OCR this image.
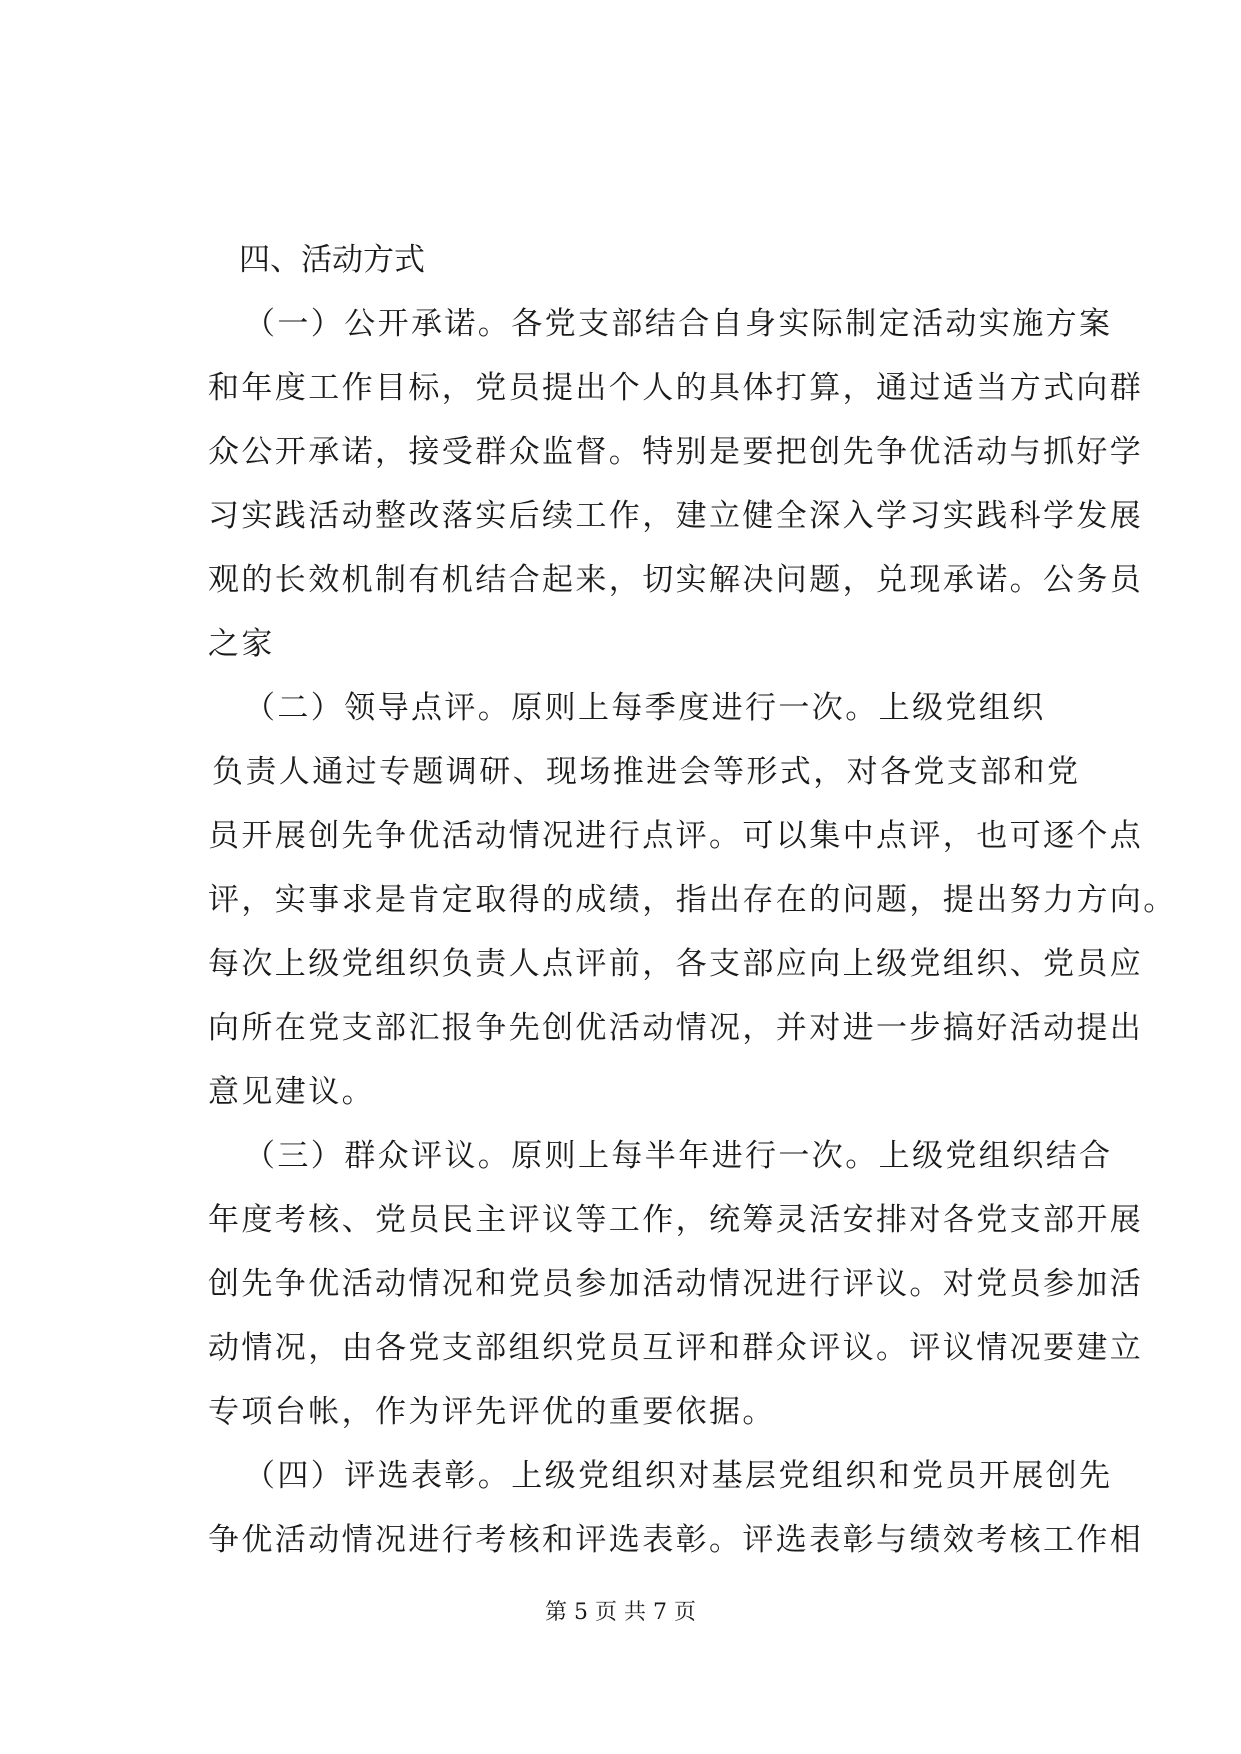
四、活动方式
（一）公开承诺。各党支部结合自身实际制定活动实施方案
和年度工作目标，党员提出个人的具体打算，通过适当方式向群
众公开承诺，接受群众监督。特别是要把创先争优活动与抓好学
习实践活动整改落实后续工作，建立健全深入学习实践科学发展
观的长效机制有机结合起来，切实解决问题，兑现承诺。公务员
之家
（二）领导点评。原则上每季度进行一次。上级党组织
负责人通过专题调研、现场推进会等形式，对各党支部和党
员开展创先争优活动情况进行点评。可以集中点评，也可逐个点
评，实事求是肯定取得的成绩，指出存在的问题，提出努力方向。
每次上级党组织负责人点评前，各支部应向上级党组织、党员应
向所在党支部汇报争先创优活动情况，并对进一步搞好活动提出
意见建议。
（三）群众评议。原则上每半年进行一次。上级党组织结合
年度考核、党员民主评议等工作，统筹灵活安排对各党支部开展
创先争优活动情况和党员参加活动情况进行评议。对党员参加活
动情况，由各党支部组织党员互评和群众评议。评议情况要建立
专项台帐，作为评先评优的重要依据。
（四）评选表彰。上级党组织对基层党组织和党员开展创先
争优活动情况进行考核和评选表彰。评选表彰与绩效考核工作相
第 5 页 共 7 页
